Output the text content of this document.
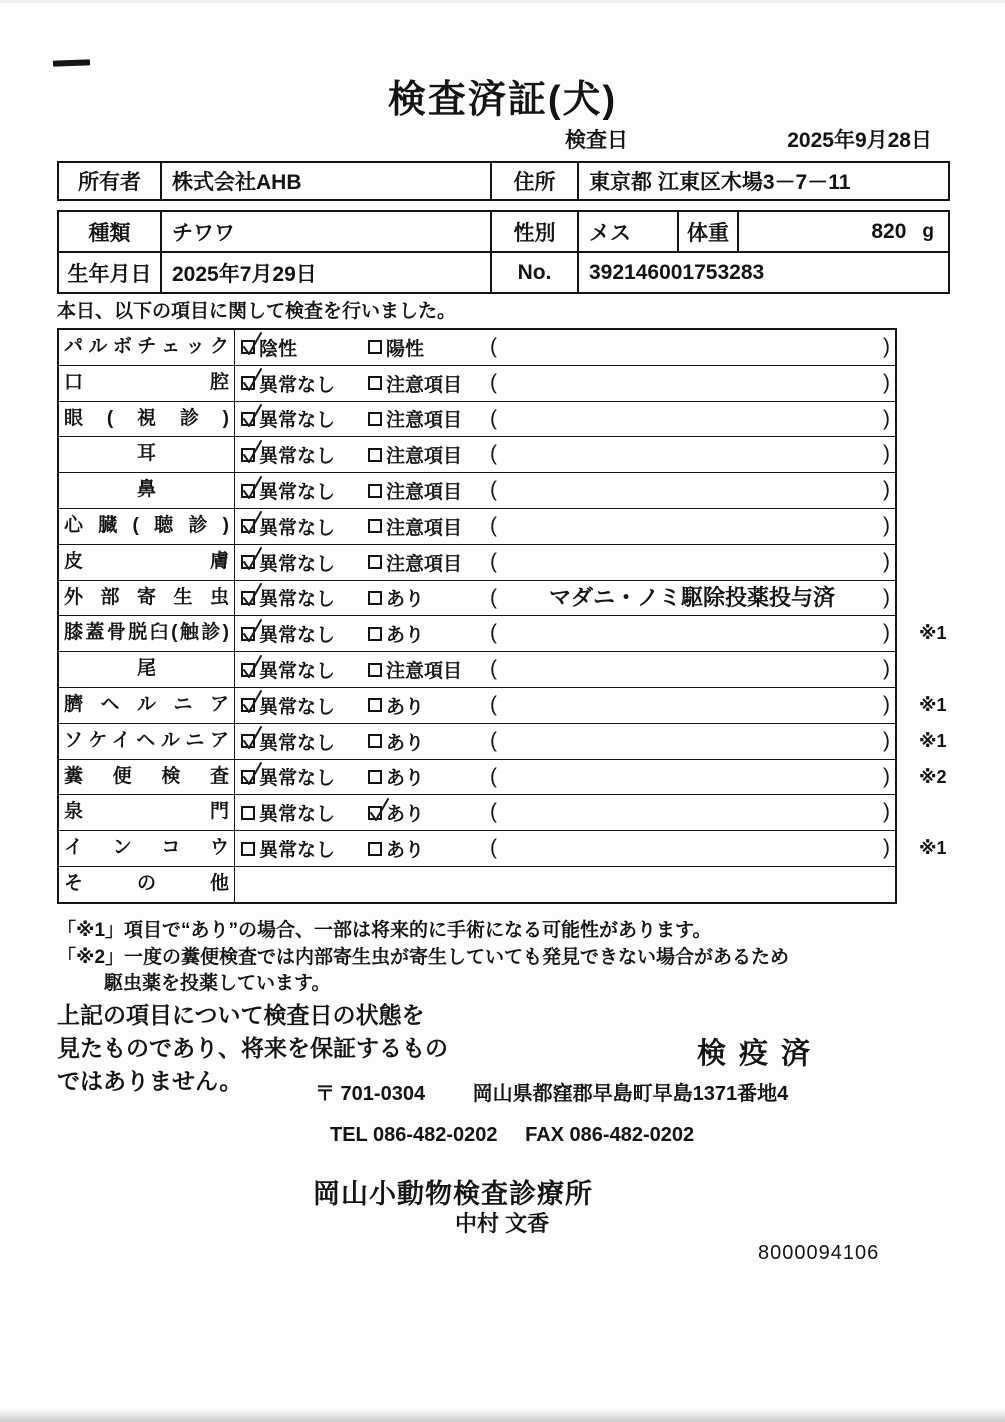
検査済証(犬)
検査日	2025年9月28日
所有者	株式会社AHB	住所	東京都 江東区木場3－7－11
種類	チワワ	性別	メス	体重	820 g
生年月日 2025年7月29日	No.	392146001753283
本日、以下の項目に関して検査を行いました。
パルボチェック	陰性	陽性	(	)
口腔	異常なし	注意項目 (	)
眼(視診)	異常なし	注意項目 (	)
耳	異常なし	注意項目 (	)
鼻	異常なし	注意項目 (	)
心臓(聴診)	異常なし	注意項目 (	)
皮膚	異常なし	注意項目 (	)
外部寄生虫	異常なし	あり	(	マダニ・ノミ駆除投薬投与済	)
膝蓋骨脱臼(触診)	異常なし	あり	(	) ※1
尾	異常なし	注意項目 (	)
臍ヘルニア	異常なし	あり	(	) ※1
ソケイヘルニア	異常なし	あり	(	) ※1
糞便検査	異常なし	あり	(	) ※2
泉門	異常なし	あり	(	)
インコウ	異常なし	あり	(	) ※1
その他
「※1」項目で“あり”の場合、一部は将来的に手術になる可能性があります。
「※2」一度の糞便検査では内部寄生虫が寄生していても発見できない場合があるため
駆虫薬を投薬しています。
上記の項目について検査日の状態を
見たものであり、将来を保証するもの
ではありません。
検疫済
〒 701-0304 岡山県都窪郡早島町早島1371番地4
TEL 086-482-0202 FAX 086-482-0202
岡山小動物検査診療所
中村 文香
8000094106
